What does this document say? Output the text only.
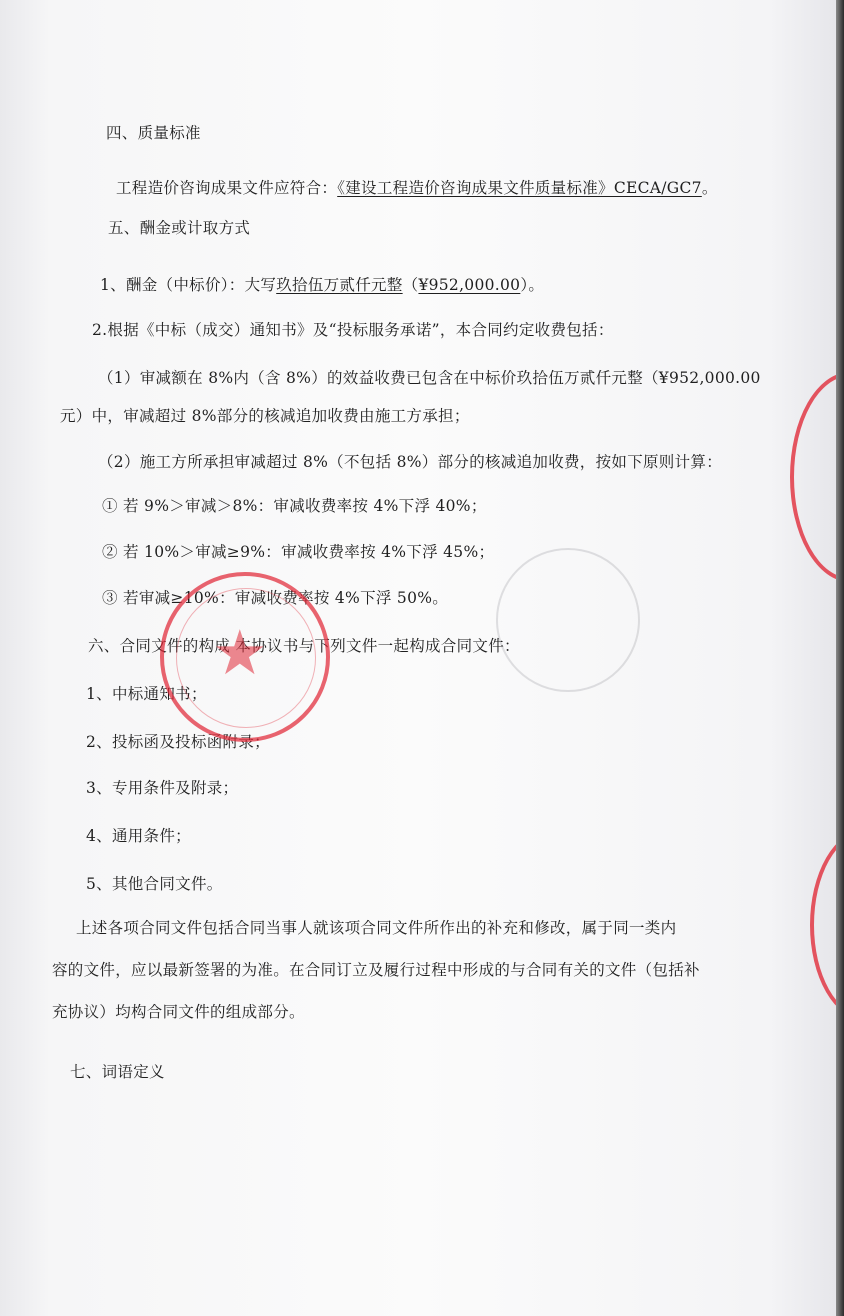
四、质量标准
工程造价咨询成果文件应符合：《建设工程造价咨询成果文件质量标准》CECA/GC7。
五、酬金或计取方式
1、酬金（中标价）：大写玖拾伍万贰仟元整（¥952,000.00）。
2.根据《中标（成交）通知书》及“投标服务承诺”，本合同约定收费包括：
（1）审减额在 8%内（含 8%）的效益收费已包含在中标价玖拾伍万贰仟元整（¥952,000.00
元）中，审减超过 8%部分的核减追加收费由施工方承担；
（2）施工方所承担审减超过 8%（不包括 8%）部分的核减追加收费，按如下原则计算：
① 若 9%＞审减＞8%：审减收费率按 4%下浮 40%；
② 若 10%＞审减≥9%：审减收费率按 4%下浮 45%；
③ 若审减≥10%：审减收费率按 4%下浮 50%。
六、合同文件的构成 本协议书与下列文件一起构成合同文件：
1、中标通知书；
2、投标函及投标函附录；
3、专用条件及附录；
4、通用条件；
5、其他合同文件。
上述各项合同文件包括合同当事人就该项合同文件所作出的补充和修改，属于同一类内
容的文件，应以最新签署的为准。在合同订立及履行过程中形成的与合同有关的文件（包括补
充协议）均构合同文件的组成部分。
七、词语定义
★
